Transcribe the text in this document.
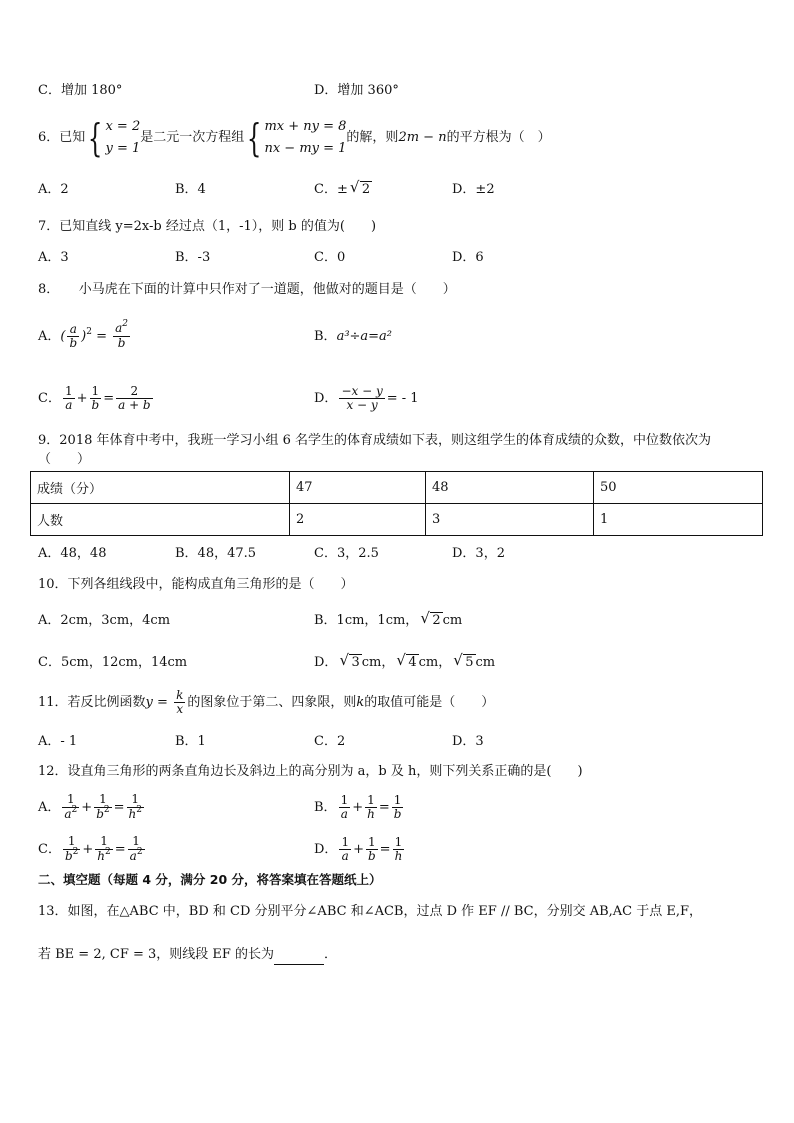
C．增加 180°	D．增加 360°
6．已知{ x = 2
y = 1
是二元一次方程组{ mx + ny = 8
nx − my = 1
的解，则2m − n的平方根为（　）
A．2	B．4	C．± √ 2	D．±2
7．已知直线 y=2x-b 经过点（1，-1），则 b 的值为(　　)
A．3	B．-3	C．0	D．6
8．　　小马虎在下面的计算中只作对了一道题，他做对的题目是（　　）
A．( $\frac{a}{b} )^2 = \frac{a^2}{b}$	B．a³÷a=a²
C． $\frac{1}{a} + \frac{1}{b} = \frac{2}{a + b}$	D． $\frac{-x - y}{x - y}$ = - 1
9．2018 年体育中考中，我班一学习小组 6 名学生的体育成绩如下表，则这组学生的体育成绩的众数，中位数依次为
（　　）
成绩（分）	47	48	50
人数	2	3	1
A．48，48	B．48，47.5	C．3，2.5	D．3，2
10．下列各组线段中，能构成直角三角形的是（　　）
A．2cm，3cm，4cm	B．1cm，1cm， √ 2 cm
C．5cm，12cm，14cm	D． √ 3 cm， √ 4 cm， √ 5 cm
11．若反比例函数$y = \frac{k}{x}$ 的图象位于第二、四象限，则k的取值可能是（　　）
A．- 1	B．1	C．2	D．3
12．设直角三角形的两条直角边长及斜边上的高分别为 a，b 及 h，则下列关系正确的是(　　)
A． $\frac{1}{a^2} + \frac{1}{b^2} = \frac{1}{h^2}$	B． $\frac{1}{a} + \frac{1}{h} = \frac{1}{b}$
C． $\frac{1}{b^2} + \frac{1}{h^2} = \frac{1}{a^2}$	D． $\frac{1}{a} + \frac{1}{b} = \frac{1}{h}$
二、填空题（每题 4 分，满分 20 分，将答案填在答题纸上）
13．如图，在△ABC 中，BD 和 CD 分别平分∠ABC 和∠ACB，过点 D 作 EF // BC，分别交 AB,AC 于点 E,F，
若 BE = 2, CF = 3，则线段 EF 的长为	．
